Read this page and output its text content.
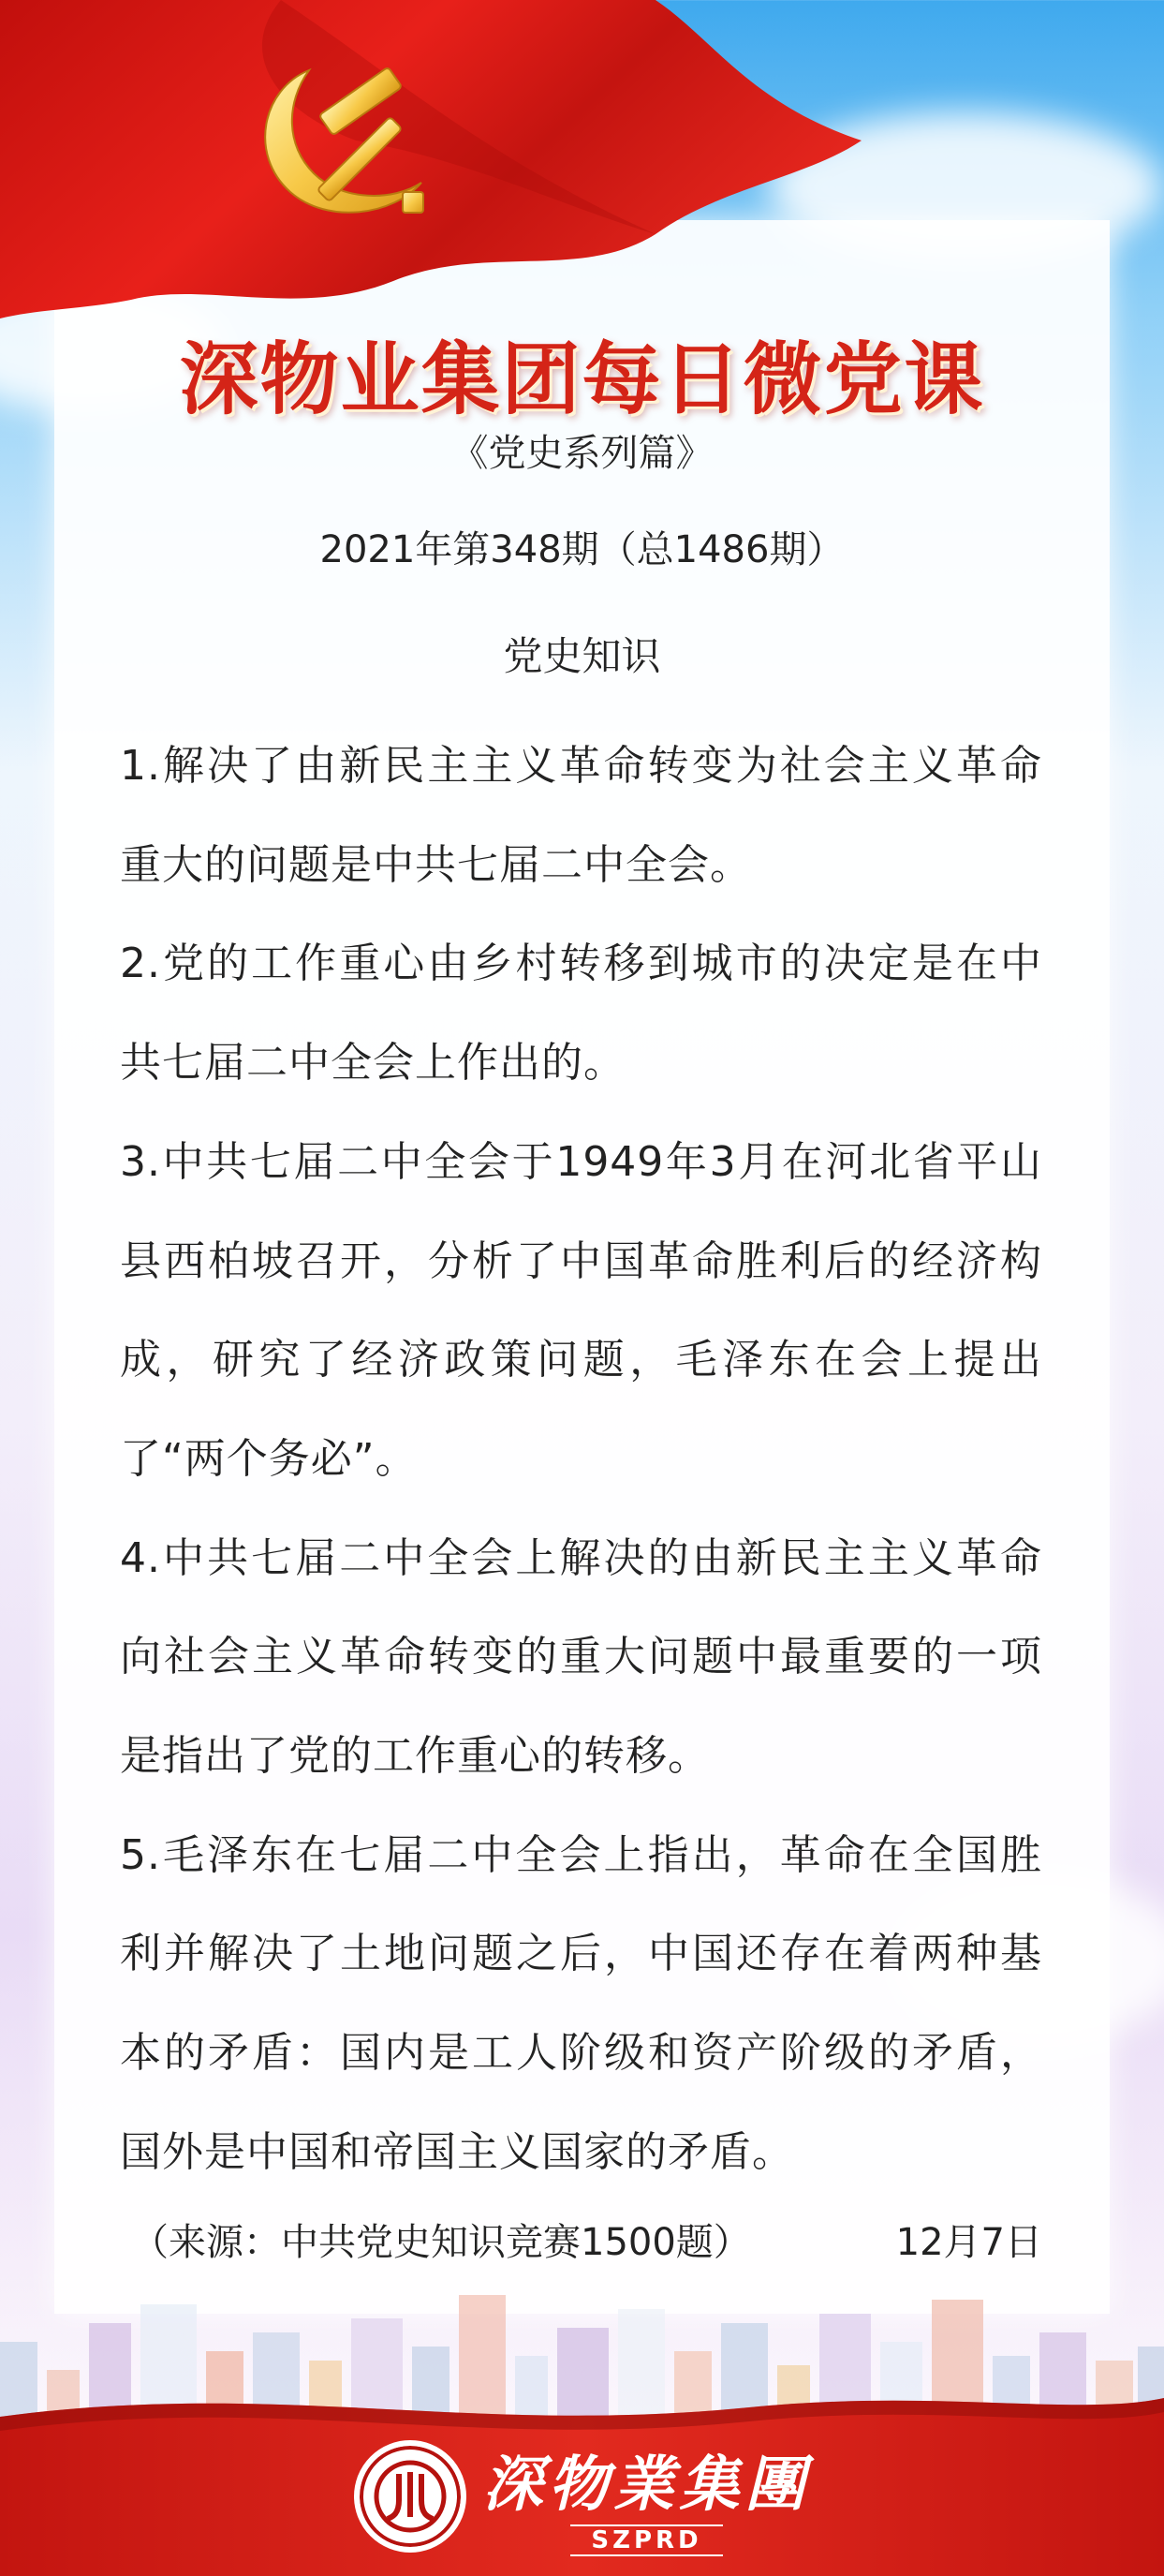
深物业集团每日微党课
《党史系列篇》
2021年第348期（总1486期）
党史知识

1.解决了由新民主主义革命转变为社会主义革命重大的问题是中共七届二中全会。

2.党的工作重心由乡村转移到城市的决定是在中共七届二中全会上作出的。

3.中共七届二中全会于1949年3月在河北省平山县西柏坡召开，分析了中国革命胜利后的经济构成，研究了经济政策问题，毛泽东在会上提出了“两个务必”。

4.中共七届二中全会上解决的由新民主主义革命向社会主义革命转变的重大问题中最重要的一项是指出了党的工作重心的转移。

5.毛泽东在七届二中全会上指出，革命在全国胜利并解决了土地问题之后，中国还存在着两种基本的矛盾：国内是工人阶级和资产阶级的矛盾，国外是中国和帝国主义国家的矛盾。

（来源：中共党史知识竞赛1500题）	12月7日
深物業集團
SZPRD
